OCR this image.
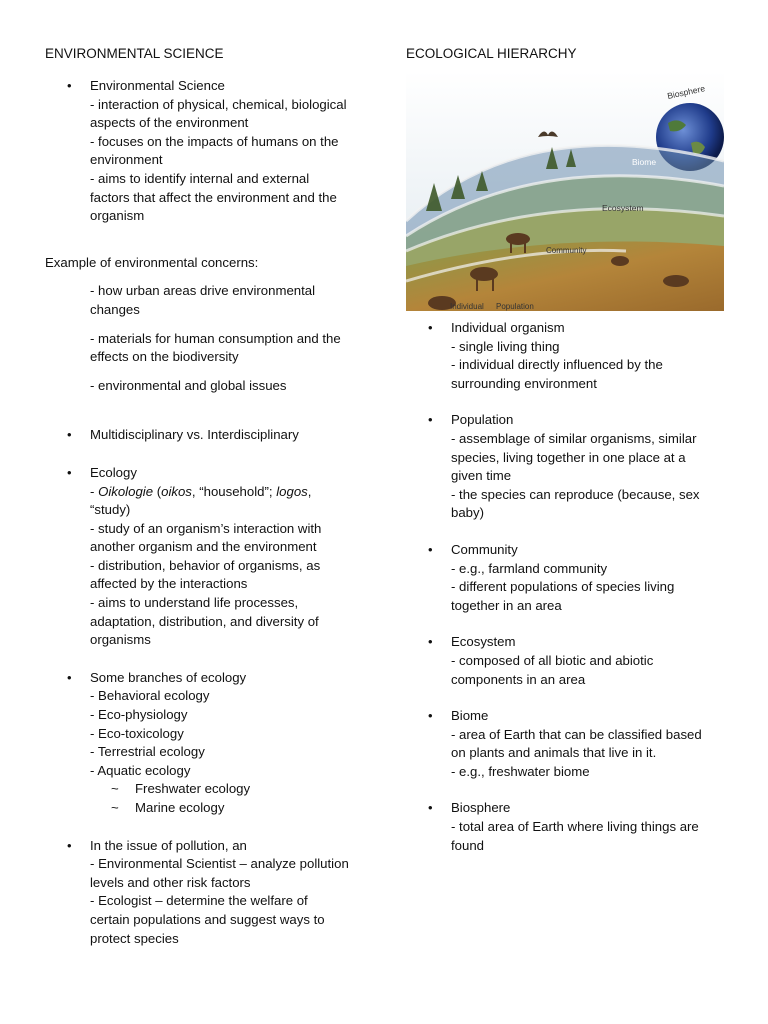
ENVIRONMENTAL SCIENCE
• Environmental Science
- interaction of physical, chemical, biological
aspects of the environment
- focuses on the impacts of humans on the
environment
- aims to identify internal and external
factors that affect the environment and the
organism
Example of environmental concerns:
- how urban areas drive environmental
changes
- materials for human consumption and the
effects on the biodiversity
- environmental and global issues
• Multidisciplinary vs. Interdisciplinary
• Ecology
- Oikologie (oikos, “household”; logos,
“study)
- study of an organism’s interaction with
another organism and the environment
- distribution, behavior of organisms, as
affected by the interactions
- aims to understand life processes,
adaptation, distribution, and diversity of
organisms
• Some branches of ecology
- Behavioral ecology
- Eco-physiology
- Eco-toxicology
- Terrestrial ecology
- Aquatic ecology
~ Freshwater ecology
~ Marine ecology
• In the issue of pollution, an
- Environmental Scientist – analyze pollution
levels and other risk factors
- Ecologist – determine the welfare of
certain populations and suggest ways to
protect species
ECOLOGICAL HIERARCHY
Biosphere
Biome
Ecosystem
Community
Population
Individual
• Individual organism
- single living thing
- individual directly influenced by the
surrounding environment
• Population
- assemblage of similar organisms, similar
species, living together in one place at a
given time
- the species can reproduce (because, sex
baby)
• Community
- e.g., farmland community
- different populations of species living
together in an area
• Ecosystem
- composed of all biotic and abiotic
components in an area
• Biome
- area of Earth that can be classified based
on plants and animals that live in it.
- e.g., freshwater biome
• Biosphere
- total area of Earth where living things are
found
